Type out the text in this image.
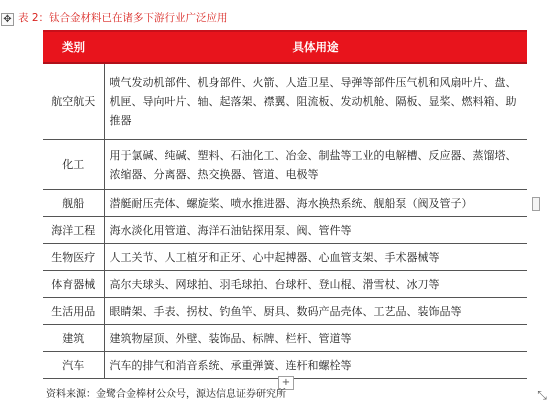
✥ 表 2：钛合金材料已在诸多下游行业广泛应用
类别	具体用途
航空航天	喷气发动机部件、机身部件、火箭、人造卫星、导弹等部件压气机和风扇叶片、盘、机匣、导向叶片、轴、起落架、襟翼、阻流板、发动机舱、隔板、显桨、燃料箱、助推器
化工	用于氯碱、纯碱、塑料、石油化工、冶金、制盐等工业的电解槽、反应器、蒸馏塔、浓缩器、分离器、热交换器、管道、电极等
舰船	潜艇耐压壳体、螺旋桨、喷水推进器、海水换热系统、舰船泵（阀及管子）
海洋工程	海水淡化用管道、海洋石油钻探用泵、阀、管件等
生物医疗	人工关节、人工植牙和正牙、心中起搏器、心血管支架、手术器械等
体育器械	高尔夫球头、网球拍、羽毛球拍、台球杆、登山棍、滑雪杖、冰刀等
生活用品	眼睛架、手表、拐杖、钓鱼竿、厨具、数码产品壳体、工艺品、装饰品等
建筑	建筑物屋顶、外壁、装饰品、标牌、栏杆、管道等
汽车	汽车的排气和消音系统、承重弹簧、连杆和螺栓等
+
资料来源：金鹭合金棒材公众号，源达信息证券研究所	⤡
